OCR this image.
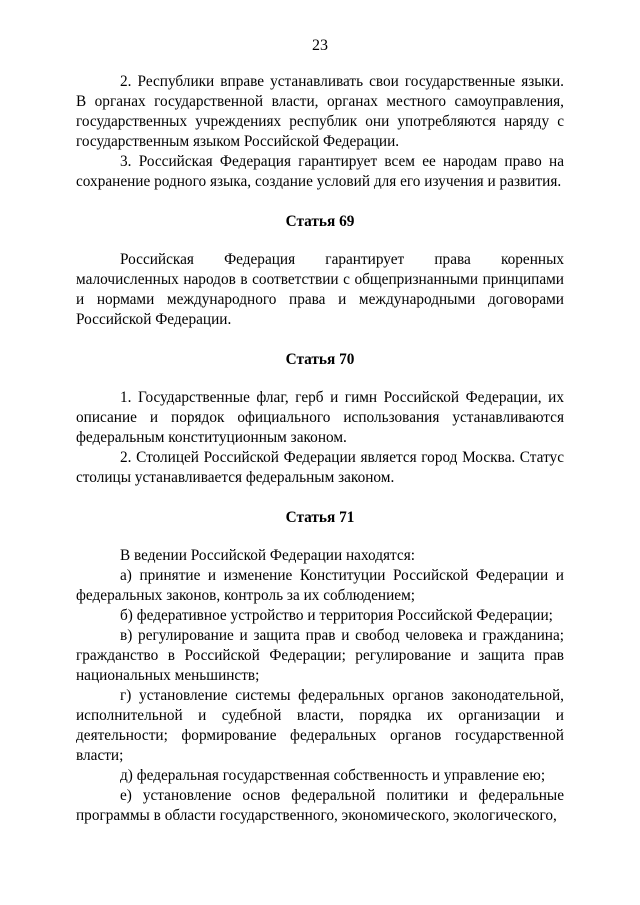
23

2. Республики вправе устанавливать свои государственные языки. В органах государственной власти, органах местного самоуправления, государственных учреждениях республик они употребляются наряду с государственным языком Российской Федерации.

3. Российская Федерация гарантирует всем ее народам право на сохранение родного языка, создание условий для его изучения и развития.

Статья 69

Российская Федерация гарантирует права коренных малочисленных народов в соответствии с общепризнанными принципами и нормами международного права и международными договорами Российской Федерации.

Статья 70

1. Государственные флаг, герб и гимн Российской Федерации, их описание и порядок официального использования устанавливаются федеральным конституционным законом.

2. Столицей Российской Федерации является город Москва. Статус столицы устанавливается федеральным законом.

Статья 71

В ведении Российской Федерации находятся:

а) принятие и изменение Конституции Российской Федерации и федеральных законов, контроль за их соблюдением;

б) федеративное устройство и территория Российской Федерации;

в) регулирование и защита прав и свобод человека и гражданина; гражданство в Российской Федерации; регулирование и защита прав национальных меньшинств;

г) установление системы федеральных органов законодательной, исполнительной и судебной власти, порядка их организации и деятельности; формирование федеральных органов государственной власти;

д) федеральная государственная собственность и управление ею;

е) установление основ федеральной политики и федеральные программы в области государственного, экономического, экологического,
